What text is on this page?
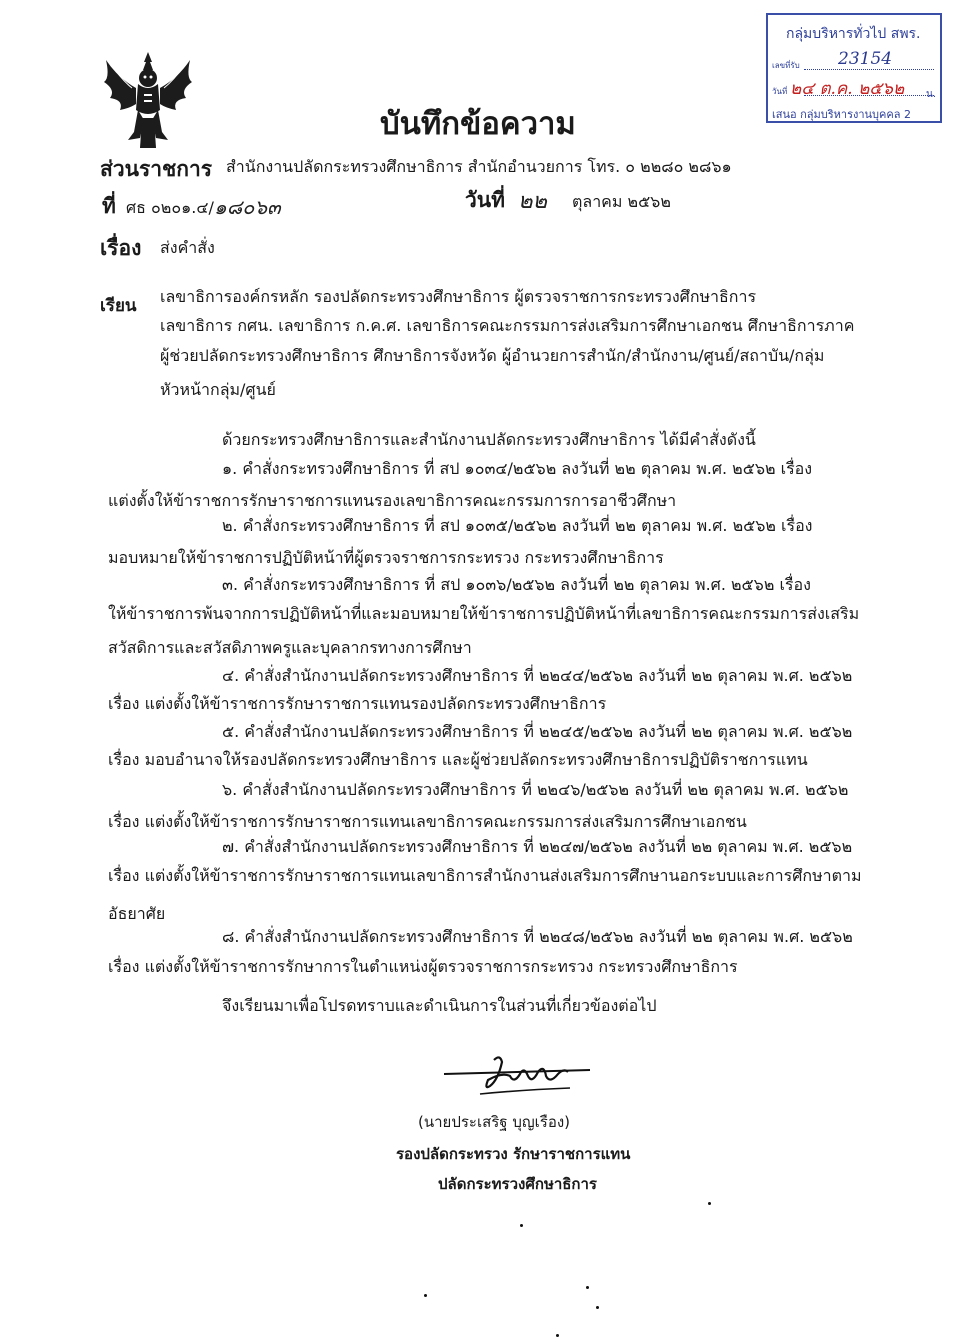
กลุ่มบริหารทั่วไป สพร.
เลขที่รับ 23154
วันที่ ๒๔ ต.ค. ๒๕๖๒ น.
เสนอ กลุ่มบริหารงานบุคคล 2
บันทึกข้อความ
ส่วนราชการ สำนักงานปลัดกระทรวงศึกษาธิการ สำนักอำนวยการ โทร. ๐ ๒๒๘๐ ๒๘๖๑
ที่ ศธ ๐๒๐๑.๔/ ๑๘๐๖๓	วันที่ ๒๒ ตุลาคม ๒๕๖๒
เรื่อง ส่งคำสั่ง
เรียน เลขาธิการองค์กรหลัก รองปลัดกระทรวงศึกษาธิการ ผู้ตรวจราชการกระทรวงศึกษาธิการ
เลขาธิการ กศน. เลขาธิการ ก.ค.ศ. เลขาธิการคณะกรรมการส่งเสริมการศึกษาเอกชน ศึกษาธิการภาค
ผู้ช่วยปลัดกระทรวงศึกษาธิการ ศึกษาธิการจังหวัด ผู้อำนวยการสำนัก/สำนักงาน/ศูนย์/สถาบัน/กลุ่ม
หัวหน้ากลุ่ม/ศูนย์
ด้วยกระทรวงศึกษาธิการและสำนักงานปลัดกระทรวงศึกษาธิการ ได้มีคำสั่งดังนี้
๑. คำสั่งกระทรวงศึกษาธิการ ที่ สป ๑๐๓๔/๒๕๖๒ ลงวันที่ ๒๒ ตุลาคม พ.ศ. ๒๕๖๒ เรื่อง
แต่งตั้งให้ข้าราชการรักษาราชการแทนรองเลขาธิการคณะกรรมการการอาชีวศึกษา
๒. คำสั่งกระทรวงศึกษาธิการ ที่ สป ๑๐๓๕/๒๕๖๒ ลงวันที่ ๒๒ ตุลาคม พ.ศ. ๒๕๖๒ เรื่อง
มอบหมายให้ข้าราชการปฏิบัติหน้าที่ผู้ตรวจราชการกระทรวง กระทรวงศึกษาธิการ
๓. คำสั่งกระทรวงศึกษาธิการ ที่ สป ๑๐๓๖/๒๕๖๒ ลงวันที่ ๒๒ ตุลาคม พ.ศ. ๒๕๖๒ เรื่อง
ให้ข้าราชการพ้นจากการปฏิบัติหน้าที่และมอบหมายให้ข้าราชการปฏิบัติหน้าที่เลขาธิการคณะกรรมการส่งเสริม
สวัสดิการและสวัสดิภาพครูและบุคลากรทางการศึกษา
๔. คำสั่งสำนักงานปลัดกระทรวงศึกษาธิการ ที่ ๒๒๔๔/๒๕๖๒ ลงวันที่ ๒๒ ตุลาคม พ.ศ. ๒๕๖๒
เรื่อง แต่งตั้งให้ข้าราชการรักษาราชการแทนรองปลัดกระทรวงศึกษาธิการ
๕. คำสั่งสำนักงานปลัดกระทรวงศึกษาธิการ ที่ ๒๒๔๕/๒๕๖๒ ลงวันที่ ๒๒ ตุลาคม พ.ศ. ๒๕๖๒
เรื่อง มอบอำนาจให้รองปลัดกระทรวงศึกษาธิการ และผู้ช่วยปลัดกระทรวงศึกษาธิการปฏิบัติราชการแทน
๖. คำสั่งสำนักงานปลัดกระทรวงศึกษาธิการ ที่ ๒๒๔๖/๒๕๖๒ ลงวันที่ ๒๒ ตุลาคม พ.ศ. ๒๕๖๒
เรื่อง แต่งตั้งให้ข้าราชการรักษาราชการแทนเลขาธิการคณะกรรมการส่งเสริมการศึกษาเอกชน
๗. คำสั่งสำนักงานปลัดกระทรวงศึกษาธิการ ที่ ๒๒๔๗/๒๕๖๒ ลงวันที่ ๒๒ ตุลาคม พ.ศ. ๒๕๖๒
เรื่อง แต่งตั้งให้ข้าราชการรักษาราชการแทนเลขาธิการสำนักงานส่งเสริมการศึกษานอกระบบและการศึกษาตาม
อัธยาศัย
๘. คำสั่งสำนักงานปลัดกระทรวงศึกษาธิการ ที่ ๒๒๔๘/๒๕๖๒ ลงวันที่ ๒๒ ตุลาคม พ.ศ. ๒๕๖๒
เรื่อง แต่งตั้งให้ข้าราชการรักษาการในตำแหน่งผู้ตรวจราชการกระทรวง กระทรวงศึกษาธิการ
จึงเรียนมาเพื่อโปรดทราบและดำเนินการในส่วนที่เกี่ยวข้องต่อไป
(นายประเสริฐ บุญเรือง)
รองปลัดกระทรวง รักษาราชการแทน
ปลัดกระทรวงศึกษาธิการ
